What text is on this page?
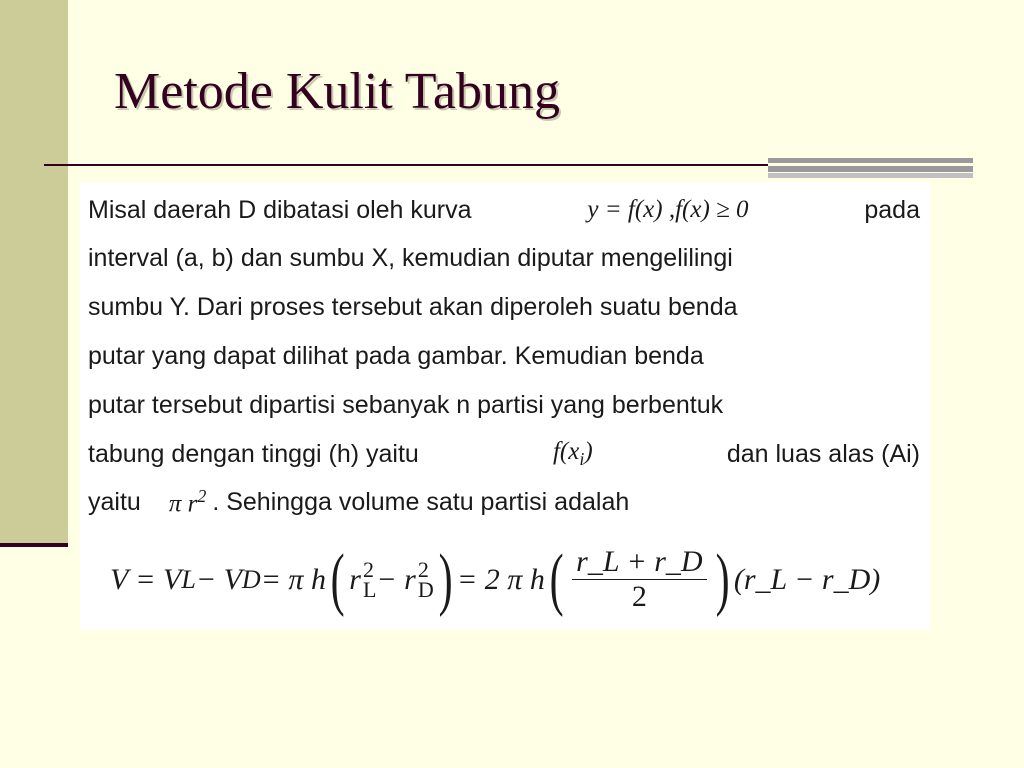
Metode Kulit Tabung
Misal daerah D dibatasi oleh kurva	y = f(x) ,f(x) ≥ 0	pada
interval (a, b) dan sumbu X, kemudian diputar mengelilingi
sumbu Y. Dari proses tersebut akan diperoleh suatu benda
putar yang dapat dilihat pada gambar. Kemudian benda
putar tersebut dipartisi sebanyak n partisi yang berbentuk
tabung dengan tinggi (h) yaitu	$f(x_i)$	dan luas alas (Ai)
yaitu π $r^2$ . Sehingga volume satu partisi adalah
V = V L − V D = π h ( r 2
L − r 2
D ) = 2 π h ( $\frac{r\_L + r\_D}{2}$ ) (r_L − r_D)
